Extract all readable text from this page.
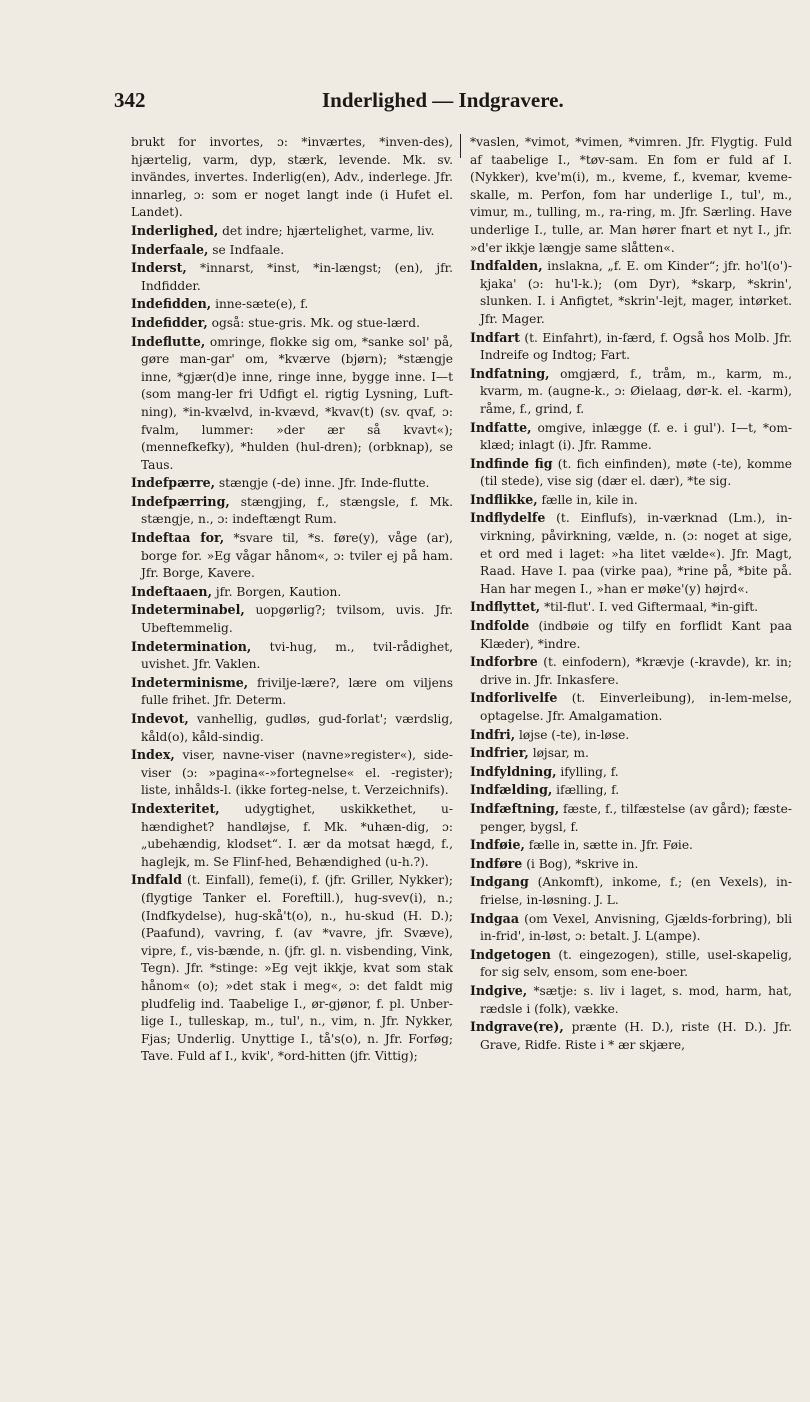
342	Inderlighed — Indgravere.

brukt for invortes, ɔ: *inværtes, *inven-des), hjærtelig, varm, dyp, stærk, levende. Mk. sv. invändes, invertes. Inderlig(en), Adv., inderlege. Jfr. innarleg, ɔ: som er noget langt inde (i Hufet el. Landet).

Inderlighed, det indre; hjærtelighet, varme, liv.

Inderfaale, se Indfaale.

Inderst, *innarst, *inst, *in-længst; (en), jfr. Indfidder.

Indefidden, inne-sæte(e), f.

Indefidder, også: stue-gris. Mk. og stue-lærd.

Indeflutte, omringe, flokke sig om, *sanke sol' på, gøre man-gar' om, *kværve (bjørn); *stængje inne, *gjær(d)e inne, ringe inne, bygge inne. I—t (som mang-ler fri Udfigt el. rigtig Lysning, Luft-ning), *in-kvælvd, in-kvævd, *kvav(t) (sv. qvaf, ɔ: fvalm, lummer: »der ær så kvavt«); (mennefkefky), *hulden (hul-dren); (orbknap), se Taus.

Indefpærre, stængje (-de) inne. Jfr. Inde-flutte.

Indefpærring, stængjing, f., stængsle, f. Mk. stængje, n., ɔ: indeftængt Rum.

Indeftaa for, *svare til, *s. føre(y), våge (ar), borge for. »Eg vågar hånom«, ɔ: tviler ej på ham. Jfr. Borge, Kavere.

Indeftaaen, jfr. Borgen, Kaution.

Indeterminabel, uopgørlig?; tvilsom, uvis. Jfr. Ubeftemmelig.

Indetermination, tvi-hug, m., tvil-rådighet, uvishet. Jfr. Vaklen.

Indeterminisme, frivilje-lære?, lære om viljens fulle frihet. Jfr. Determ.

Indevot, vanhellig, gudløs, gud-forlat'; værdslig, kåld(o), kåld-sindig.

Index, viser, navne-viser (navne»register«), side-viser (ɔ: »pagina«-»fortegnelse« el. -register); liste, inhålds-l. (ikke forteg-nelse, t. Verzeichnifs).

Indexteritet, udygtighet, uskikkethet, u-hændighet? handløjse, f. Mk. *uhæn-dig, ɔ: „ubehændig, klodset“. I. ær da motsat hægd, f., haglejk, m. Se Flinf-hed, Behændighed (u-h.?).

Indfald (t. Einfall), feme(i), f. (jfr. Griller, Nykker); (flygtige Tanker el. Foreftill.), hug-svev(i), n.; (Indfkydelse), hug-skå't(o), n., hu-skud (H. D.); (Paafund), vavring, f. (av *vavre, jfr. Svæve), vipre, f., vis-bænde, n. (jfr. gl. n. visbending, Vink, Tegn). Jfr. *stinge: »Eg vejt ikkje, kvat som stak hånom« (o); »det stak i meg«, ɔ: det faldt mig pludfelig ind. Taabelige I., ør-gjønor, f. pl. Unber-lige I., tulleskap, m., tul', n., vim, n. Jfr. Nykker, Fjas; Underlig. Unyttige I., tå's(o), n. Jfr. Forføg; Tave. Fuld af I., kvik', *ord-hitten (jfr. Vittig);

*vaslen, *vimot, *vimen, *vimren. Jfr. Flygtig. Fuld af taabelige I., *tøv-sam. En fom er fuld af I. (Nykker), kve'm(i), m., kveme, f., kvemar, kveme-skalle, m. Perfon, fom har underlige I., tul', m., vimur, m., tulling, m., ra-ring, m. Jfr. Særling. Have underlige I., tulle, ar. Man hører fnart et nyt I., jfr. »d'er ikkje længje same slåtten«.

Indfalden, inslakna, „f. E. om Kinder“; jfr. ho'l(o')-kjaka' (ɔ: hu'l-k.); (om Dyr), *skarp, *skrin', slunken. I. i Anfigtet, *skrin'-lejt, mager, intørket. Jfr. Mager.

Indfart (t. Einfahrt), in-færd, f. Også hos Molb. Jfr. Indreife og Indtog; Fart.

Indfatning, omgjærd, f., tråm, m., karm, m., kvarm, m. (augne-k., ɔ: Øielaag, dør-k. el. -karm), råme, f., grind, f.

Indfatte, omgive, inlægge (f. e. i gul'). I—t, *om-klæd; inlagt (i). Jfr. Ramme.

Indfinde fig (t. fich einfinden), møte (-te), komme (til stede), vise sig (dær el. dær), *te sig.

Indflikke, fælle in, kile in.

Indflydelfe (t. Einflufs), in-værknad (Lm.), in-virkning, påvirkning, vælde, n. (ɔ: noget at sige, et ord med i laget: »ha litet vælde«). Jfr. Magt, Raad. Have I. paa (virke paa), *rine på, *bite på. Han har megen I., »han er møke'(y) højrd«.

Indflyttet, *til-flut'. I. ved Giftermaal, *in-gift.

Indfolde (indbøie og tilfy en forflidt Kant paa Klæder), *indre.

Indforbre (t. einfodern), *krævje (-kravde), kr. in; drive in. Jfr. Inkasfere.

Indforlivelfe (t. Einverleibung), in-lem-melse, optagelse. Jfr. Amalgamation.

Indfri, løjse (-te), in-løse.

Indfrier, løjsar, m.

Indfyldning, ifylling, f.

Indfælding, ifælling, f.

Indfæftning, fæste, f., tilfæstelse (av gård); fæste-penger, bygsl, f.

Indføie, fælle in, sætte in. Jfr. Føie.

Indføre (i Bog), *skrive in.

Indgang (Ankomft), inkome, f.; (en Vexels), in-frielse, in-løsning. J. L.

Indgaa (om Vexel, Anvisning, Gjælds-forbring), bli in-frid', in-løst, ɔ: betalt. J. L(ampe).

Indgetogen (t. eingezogen), stille, usel-skapelig, for sig selv, ensom, som ene-boer.

Indgive, *sætje: s. liv i laget, s. mod, harm, hat, rædsle i (folk), vække.

Indgrave(re), prænte (H. D.), riste (H. D.). Jfr. Grave, Ridfe. Riste i * ær skjære,
